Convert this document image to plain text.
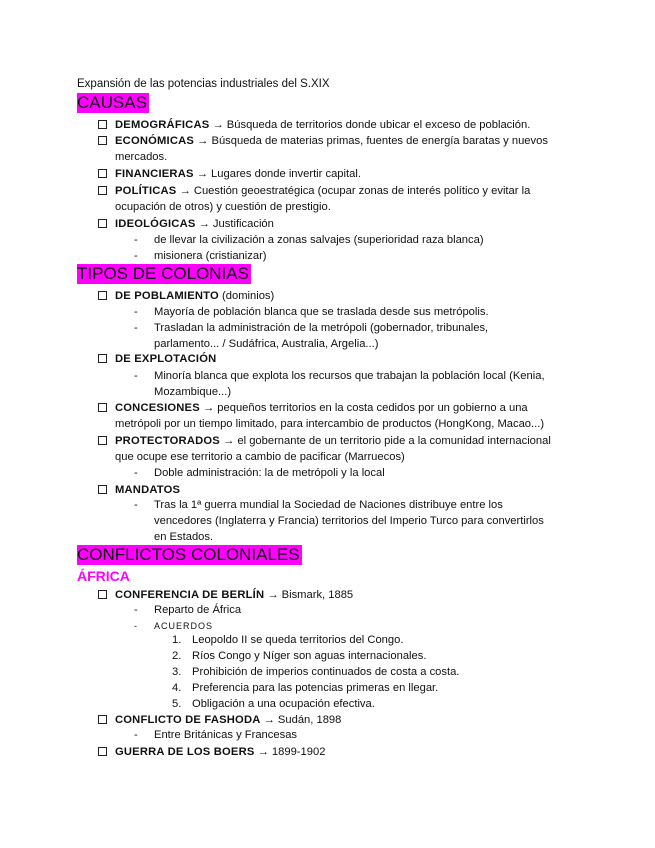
Expansión de las potencias industriales del S.XIX
CAUSAS
DEMOGRÁFICAS → Búsqueda de territorios donde ubicar el exceso de población.
ECONÓMICAS → Búsqueda de materias primas, fuentes de energía baratas y nuevos
mercados.
FINANCIERAS → Lugares donde invertir capital.
POLÍTICAS → Cuestión geoestratégica (ocupar zonas de interés político y evitar la
ocupación de otros) y cuestión de prestigio.
IDEOLÓGICAS → Justificación
- de llevar la civilización a zonas salvajes (superioridad raza blanca)
- misionera (cristianizar)
TIPOS DE COLONIAS
DE POBLAMIENTO (dominios)
- Mayoría de población blanca que se traslada desde sus metrópolis.
- Trasladan la administración de la metrópoli (gobernador, tribunales,
parlamento... / Sudáfrica, Australia, Argelia...)
DE EXPLOTACIÓN
- Minoría blanca que explota los recursos que trabajan la población local (Kenia,
Mozambique...)
CONCESIONES → pequeños territorios en la costa cedidos por un gobierno a una
metrópoli por un tiempo limitado, para intercambio de productos (HongKong, Macao...)
PROTECTORADOS → el gobernante de un territorio pide a la comunidad internacional
que ocupe ese territorio a cambio de pacificar (Marruecos)
- Doble administración: la de metrópoli y la local
MANDATOS
- Tras la 1ª guerra mundial la Sociedad de Naciones distribuye entre los
vencedores (Inglaterra y Francia) territorios del Imperio Turco para convertirlos
en Estados.
CONFLICTOS COLONIALES
ÁFRICA
CONFERENCIA DE BERLÍN → Bismark, 1885
- Reparto de África
- ACUERDOS
1. Leopoldo II se queda territorios del Congo.
2. Ríos Congo y Níger son aguas internacionales.
3. Prohibición de imperios continuados de costa a costa.
4. Preferencia para las potencias primeras en llegar.
5. Obligación a una ocupación efectiva.
CONFLICTO DE FASHODA → Sudán, 1898
- Entre Británicas y Francesas
GUERRA DE LOS BOERS → 1899-1902
